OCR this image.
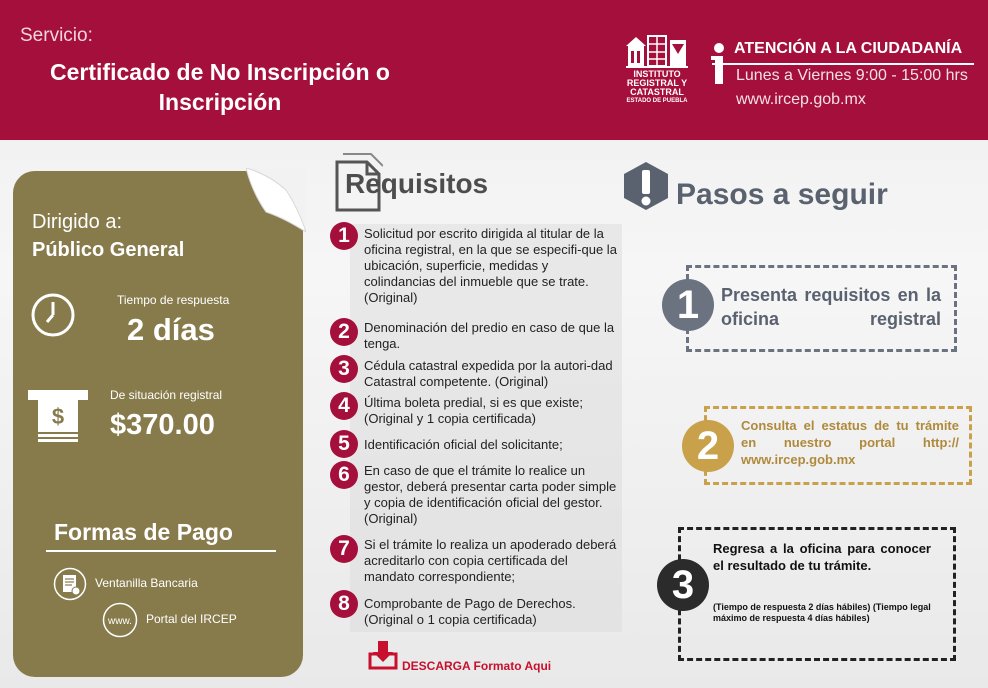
Servicio:
Certificado de No Inscripción o Inscripción
INSTITUTO
REGISTRAL Y
CATASTRAL
ESTADO DE PUEBLA
ATENCIÓN A LA CIUDADANÍA
Lunes a Viernes 9:00 - 15:00 hrs
www.ircep.gob.mx
Dirigido a:
Público General
Tiempo de respuesta
2 días
$
De situación registral
$370.00
Formas de Pago
Ventanilla Bancaria
www. Portal del IRCEP
Requisitos
1	Solicitud por escrito dirigida al titular de la oficina registral, en la que se especifi-que la ubicación, superficie, medidas y colindancias del inmueble que se trate.(Original)
2	Denominación del predio en caso de que la tenga.
3	Cédula catastral expedida por la autori-dad Catastral competente. (Original)
4	Última boleta predial, si es que existe; (Original y 1 copia certificada)
5	Identificación oficial del solicitante;
6	En caso de que el trámite lo realice un gestor, deberá presentar carta poder simple y copia de identificación oficial del gestor. (Original)
7	Si el trámite lo realiza un apoderado deberá acreditarlo con copia certificada del mandato correspondiente;
8	Comprobante de Pago de Derechos. (Original o 1 copia certificada)
DESCARGA Formato Aqui
Pasos a seguir
1	Presenta requisitos en la oficina registral
2	Consulta el estatus de tu trámite en nuestro portal http:// www.ircep.gob.mx
3
Regresa a la oficina para conocer el resultado de tu trámite.
(Tiempo de respuesta 2 días hábiles) (Tiempo legal máximo de respuesta 4 días hábiles)
